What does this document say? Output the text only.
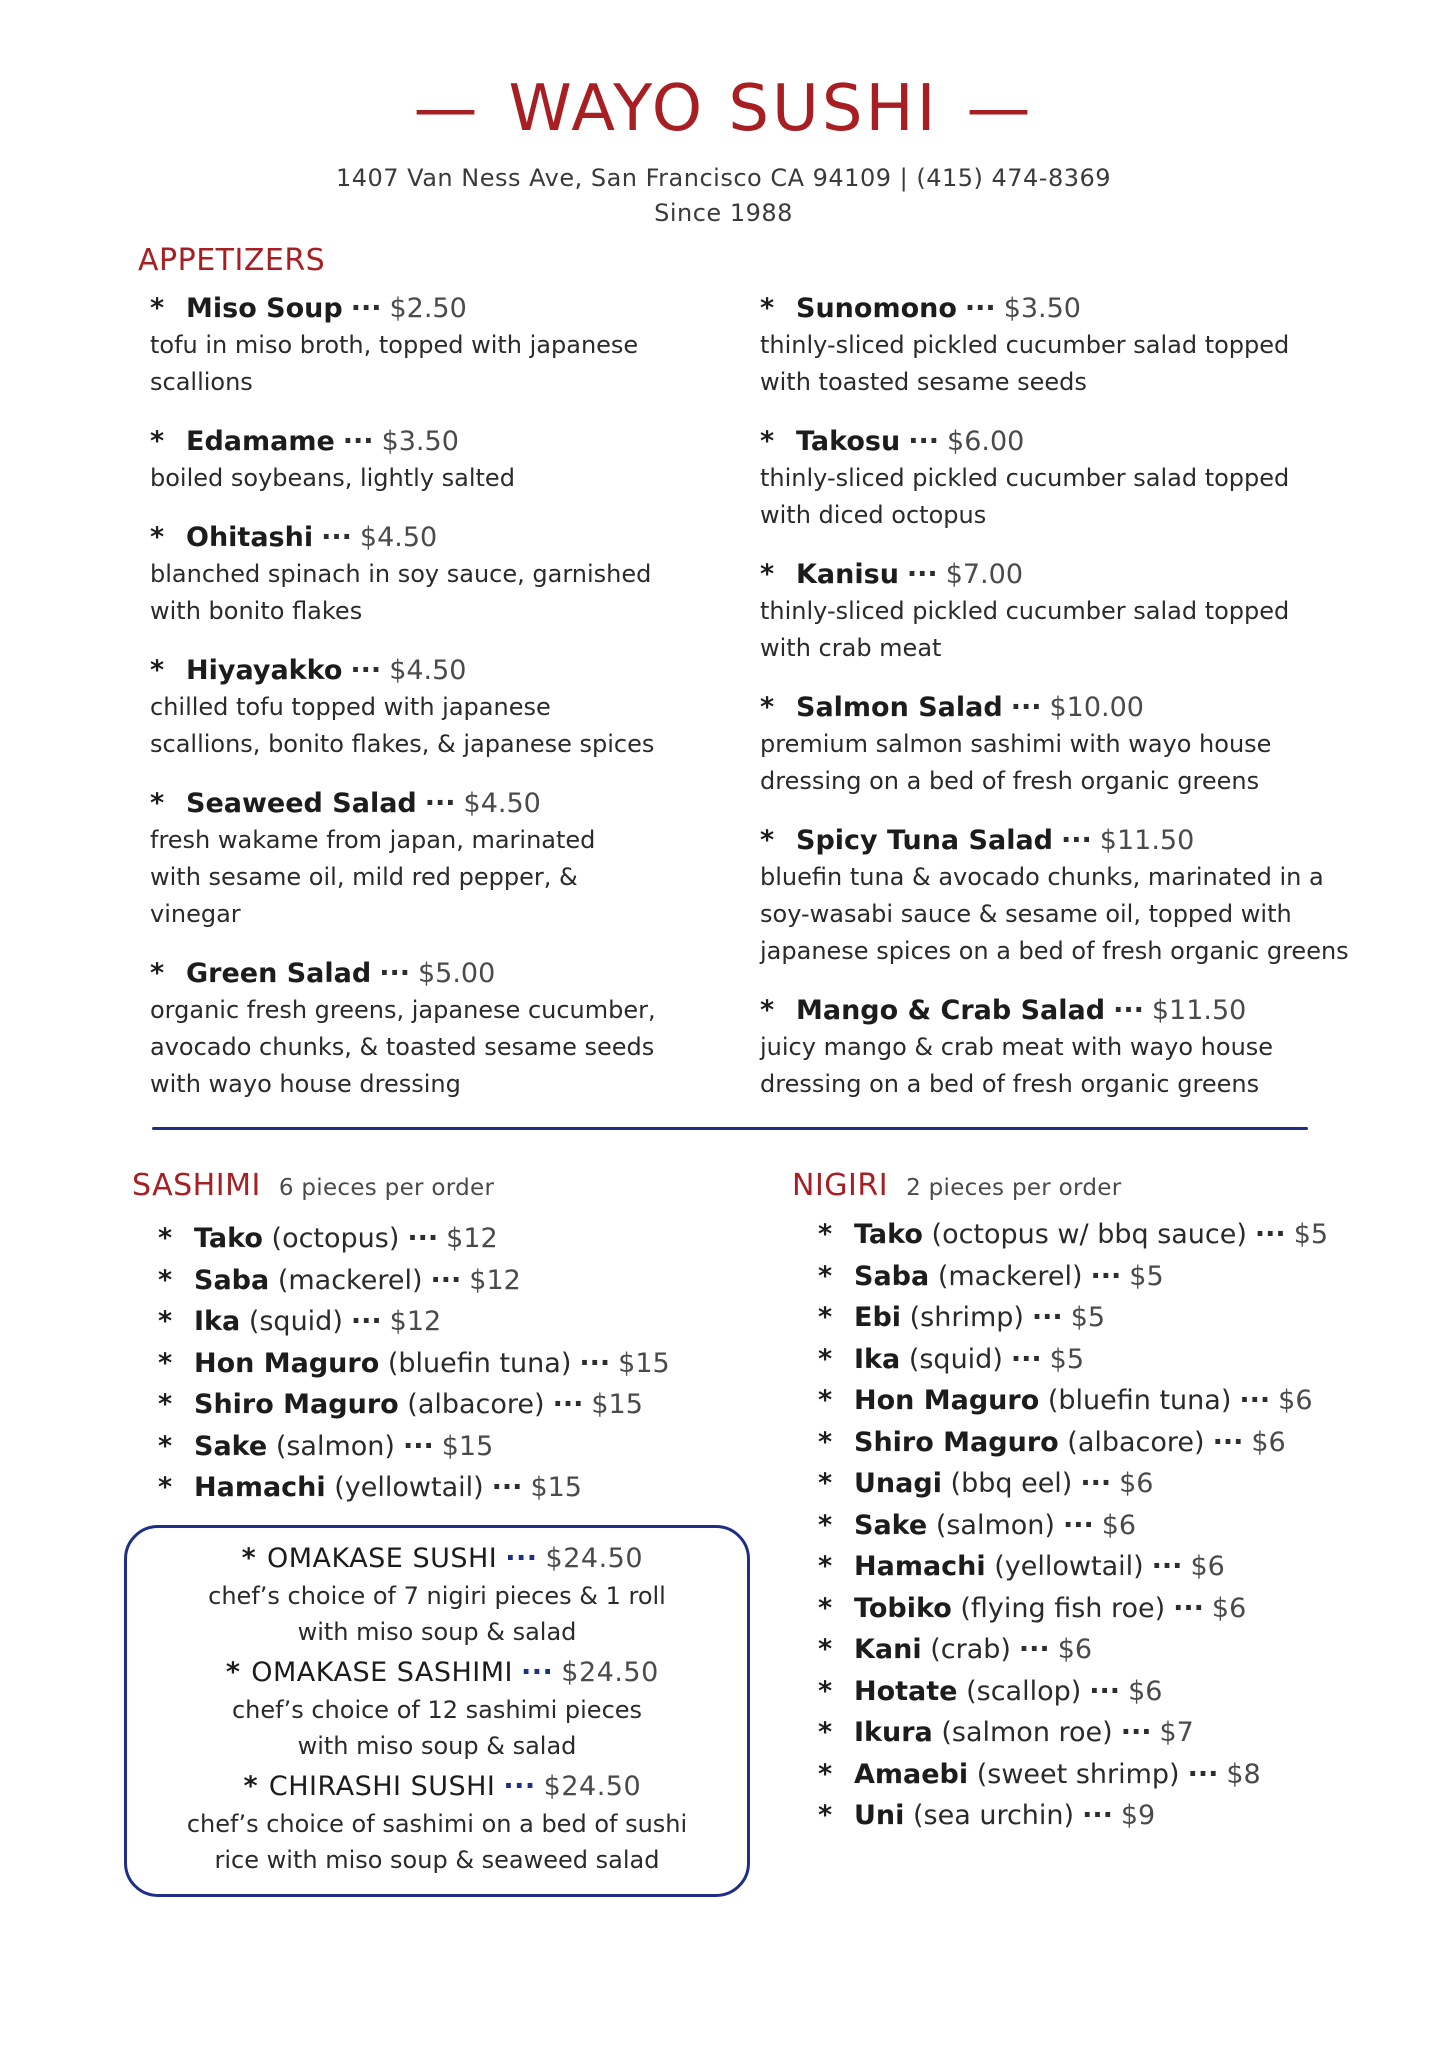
— WAYO SUSHI —
1407 Van Ness Ave, San Francisco CA 94109 | (415) 474-8369
Since 1988
APPETIZERS
* Miso Soup ··· $2.50
tofu in miso broth, topped with japanese
scallions
* Edamame ··· $3.50
boiled soybeans, lightly salted
* Ohitashi ··· $4.50
blanched spinach in soy sauce, garnished
with bonito flakes
* Hiyayakko ··· $4.50
chilled tofu topped with japanese
scallions, bonito flakes, & japanese spices
* Seaweed Salad ··· $4.50
fresh wakame from japan, marinated
with sesame oil, mild red pepper, &
vinegar
* Green Salad ··· $5.00
organic fresh greens, japanese cucumber,
avocado chunks, & toasted sesame seeds
with wayo house dressing
* Sunomono ··· $3.50
thinly-sliced pickled cucumber salad topped
with toasted sesame seeds
* Takosu ··· $6.00
thinly-sliced pickled cucumber salad topped
with diced octopus
* Kanisu ··· $7.00
thinly-sliced pickled cucumber salad topped
with crab meat
* Salmon Salad ··· $10.00
premium salmon sashimi with wayo house
dressing on a bed of fresh organic greens
* Spicy Tuna Salad ··· $11.50
bluefin tuna & avocado chunks, marinated in a
soy-wasabi sauce & sesame oil, topped with
japanese spices on a bed of fresh organic greens
* Mango & Crab Salad ··· $11.50
juicy mango & crab meat with wayo house
dressing on a bed of fresh organic greens
SASHIMI 6 pieces per order
* Tako (octopus) ··· $12
* Saba (mackerel) ··· $12
* Ika (squid) ··· $12
* Hon Maguro (bluefin tuna) ··· $15
* Shiro Maguro (albacore) ··· $15
* Sake (salmon) ··· $15
* Hamachi (yellowtail) ··· $15
* OMAKASE SUSHI ··· $24.50
chef’s choice of 7 nigiri pieces & 1 roll
with miso soup & salad
* OMAKASE SASHIMI ··· $24.50
chef’s choice of 12 sashimi pieces
with miso soup & salad
* CHIRASHI SUSHI ··· $24.50
chef’s choice of sashimi on a bed of sushi
rice with miso soup & seaweed salad
NIGIRI 2 pieces per order
* Tako (octopus w/ bbq sauce) ··· $5
* Saba (mackerel) ··· $5
* Ebi (shrimp) ··· $5
* Ika (squid) ··· $5
* Hon Maguro (bluefin tuna) ··· $6
* Shiro Maguro (albacore) ··· $6
* Unagi (bbq eel) ··· $6
* Sake (salmon) ··· $6
* Hamachi (yellowtail) ··· $6
* Tobiko (flying fish roe) ··· $6
* Kani (crab) ··· $6
* Hotate (scallop) ··· $6
* Ikura (salmon roe) ··· $7
* Amaebi (sweet shrimp) ··· $8
* Uni (sea urchin) ··· $9
